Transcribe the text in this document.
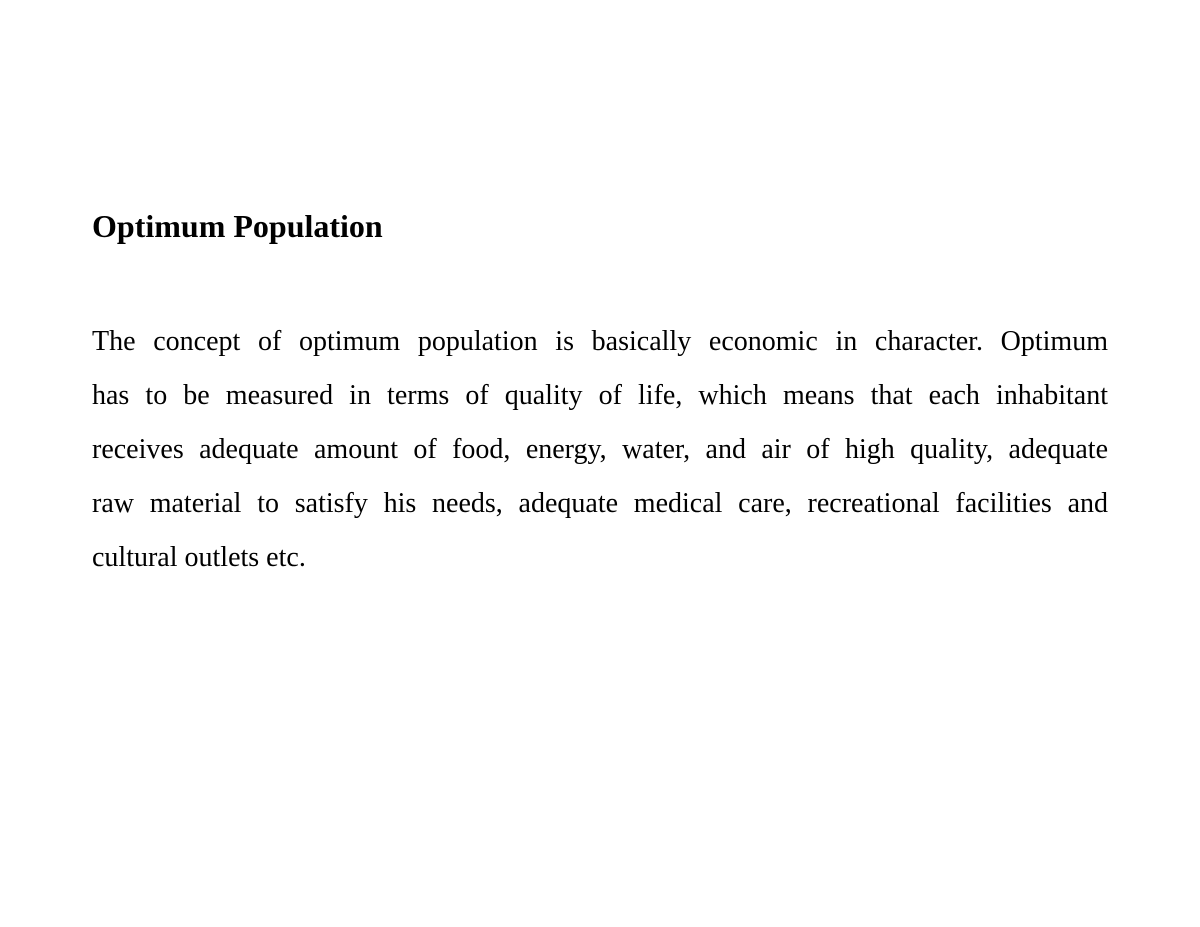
Optimum Population
The concept of optimum population is basically economic in character. Optimum
has to be measured in terms of quality of life, which means that each inhabitant
receives adequate amount of food, energy, water, and air of high quality, adequate
raw material to satisfy his needs, adequate medical care, recreational facilities and
cultural outlets etc.
